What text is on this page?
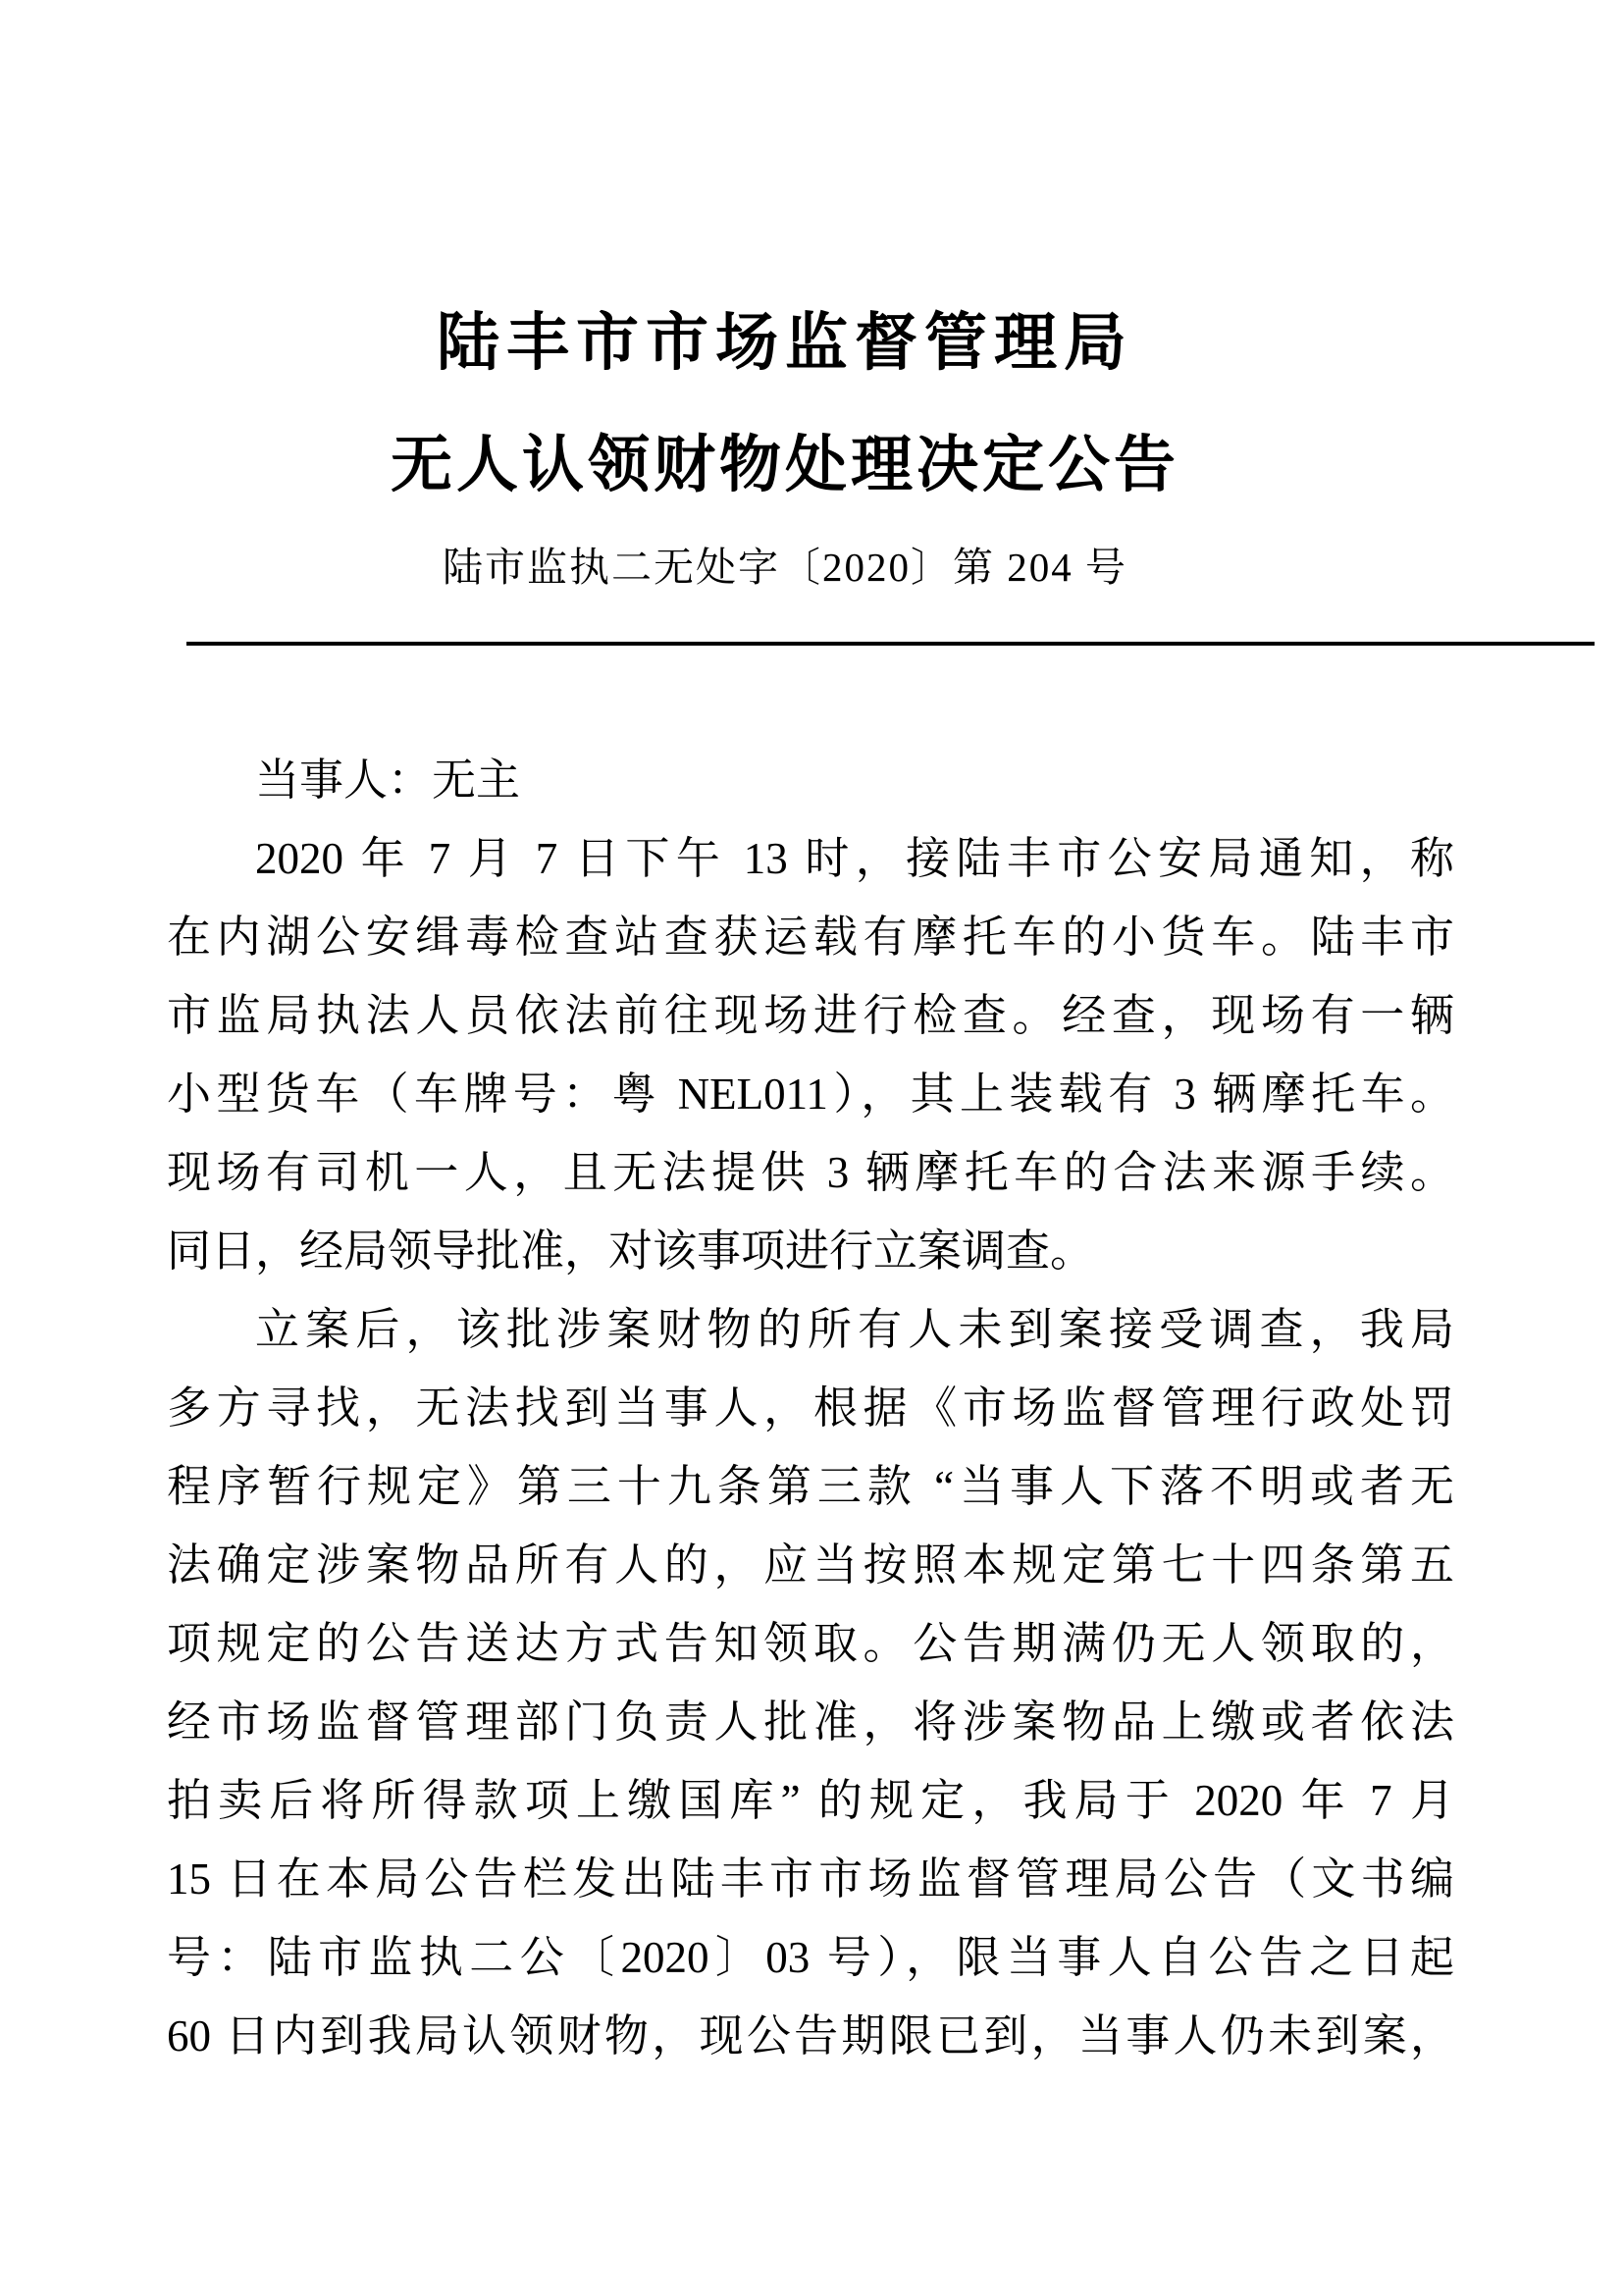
陆丰市市场监督管理局
无人认领财物处理决定公告
陆市监执二无处字〔2020〕第 204 号
当事人：无主
2020 年 7 月 7 日下午 13 时，接陆丰市公安局通知，称
在内湖公安缉毒检查站查获运载有摩托车的小货车。陆丰市
市监局执法人员依法前往现场进行检查。经查，现场有一辆
小型货车（车牌号：粤 NEL011），其上装载有 3 辆摩托车。
现场有司机一人，且无法提供 3 辆摩托车的合法来源手续。
同日，经局领导批准，对该事项进行立案调查。
立案后，该批涉案财物的所有人未到案接受调查，我局
多方寻找，无法找到当事人，根据《市场监督管理行政处罚
程序暂行规定》第三十九条第三款 “当事人下落不明或者无
法确定涉案物品所有人的，应当按照本规定第七十四条第五
项规定的公告送达方式告知领取。公告期满仍无人领取的，
经市场监督管理部门负责人批准，将涉案物品上缴或者依法
拍卖后将所得款项上缴国库” 的规定，我局于 2020 年 7 月
15 日在本局公告栏发出陆丰市市场监督管理局公告（文书编
号：陆市监执二公〔2020〕03 号），限当事人自公告之日起
60 日内到我局认领财物，现公告期限已到，当事人仍未到案，
